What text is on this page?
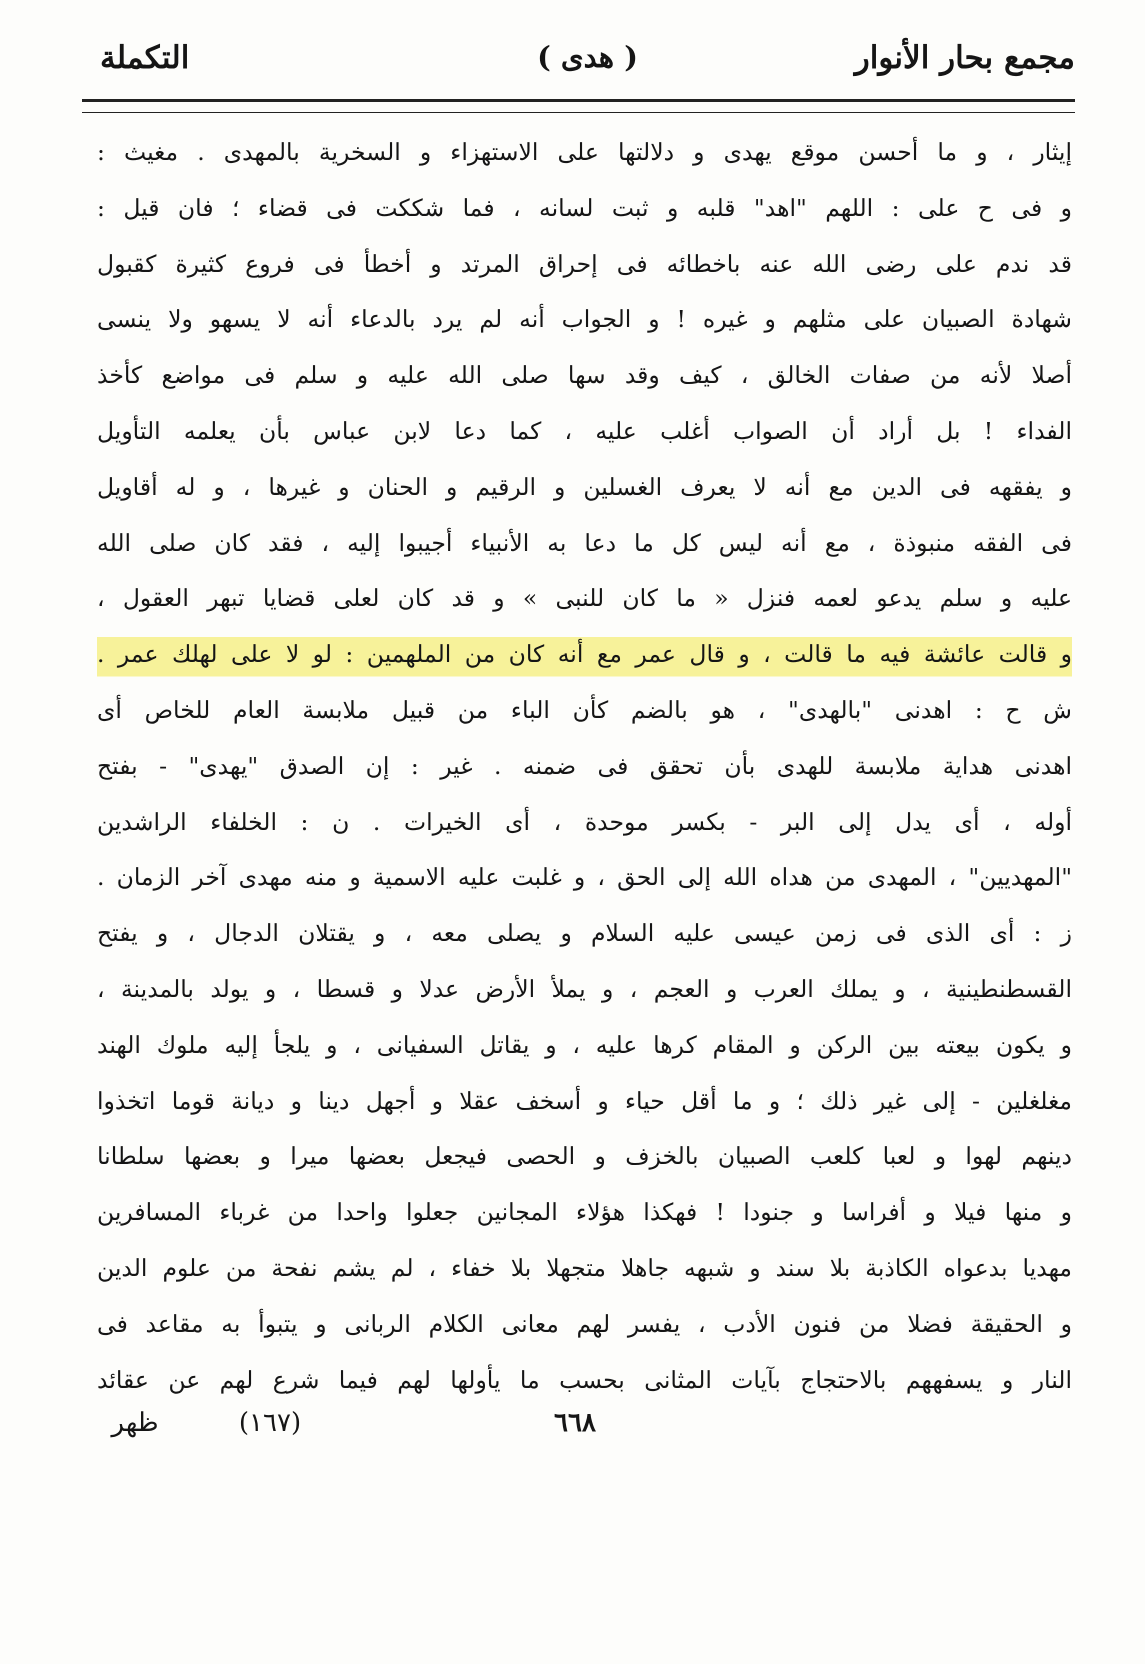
مجمع بحار الأنوار
( هدى )
التكملة
إيثار ، و ما أحسن موقع يهدى و دلالتها على الاستهزاء و السخرية بالمهدى . مغيث :
و فى ح على : اللهم "اهد" قلبه و ثبت لسانه ، فما شككت فى قضاء ؛ فان قيل :
قد ندم على رضى الله عنه باخطائه فى إحراق المرتد و أخطأ فى فروع كثيرة كقبول
شهادة الصبيان على مثلهم و غيره ! و الجواب أنه لم يرد بالدعاء أنه لا يسهو ولا ينسى
أصلا لأنه من صفات الخالق ، كيف وقد سها صلى الله عليه و سلم فى مواضع كأخذ
الفداء ! بل أراد أن الصواب أغلب عليه ، كما دعا لابن عباس بأن يعلمه التأويل
و يفقهه فى الدين مع أنه لا يعرف الغسلين و الرقيم و الحنان و غيرها ، و له أقاويل
فى الفقه منبوذة ، مع أنه ليس كل ما دعا به الأنبياء أجيبوا إليه ، فقد كان صلى الله
عليه و سلم يدعو لعمه فنزل « ما كان للنبى » و قد كان لعلى قضايا تبهر العقول ،
و قالت عائشة فيه ما قالت ، و قال عمر مع أنه كان من الملهمين : لو لا على لهلك عمر .
ش ح : اهدنى "بالهدى" ، هو بالضم كأن الباء من قبيل ملابسة العام للخاص أى
اهدنى هداية ملابسة للهدى بأن تحقق فى ضمنه . غير : إن الصدق "يهدى" - بفتح
أوله ، أى يدل إلى البر - بكسر موحدة ، أى الخيرات . ن : الخلفاء الراشدين
"المهديين" ، المهدى من هداه الله إلى الحق ، و غلبت عليه الاسمية و منه مهدى آخر الزمان .
ز : أى الذى فى زمن عيسى عليه السلام و يصلى معه ، و يقتلان الدجال ، و يفتح
القسطنطينية ، و يملك العرب و العجم ، و يملأ الأرض عدلا و قسطا ، و يولد بالمدينة ،
و يكون بيعته بين الركن و المقام كرها عليه ، و يقاتل السفيانى ، و يلجأ إليه ملوك الهند
مغلغلين - إلى غير ذلك ؛ و ما أقل حياء و أسخف عقلا و أجهل دينا و ديانة قوما اتخذوا
دينهم لهوا و لعبا كلعب الصبيان بالخزف و الحصى فيجعل بعضها ميرا و بعضها سلطانا
و منها فيلا و أفراسا و جنودا ! فهكذا هؤلاء المجانين جعلوا واحدا من غرباء المسافرين
مهديا بدعواه الكاذبة بلا سند و شبهه جاهلا متجهلا بلا خفاء ، لم يشم نفحة من علوم الدين
و الحقيقة فضلا من فنون الأدب ، يفسر لهم معانى الكلام الربانى و يتبوأ به مقاعد فى
النار و يسفههم بالاحتجاج بآيات المثانى بحسب ما يأولها لهم فيما شرع لهم عن عقائد
٦٦٨
(١٦٧)
ظهر
